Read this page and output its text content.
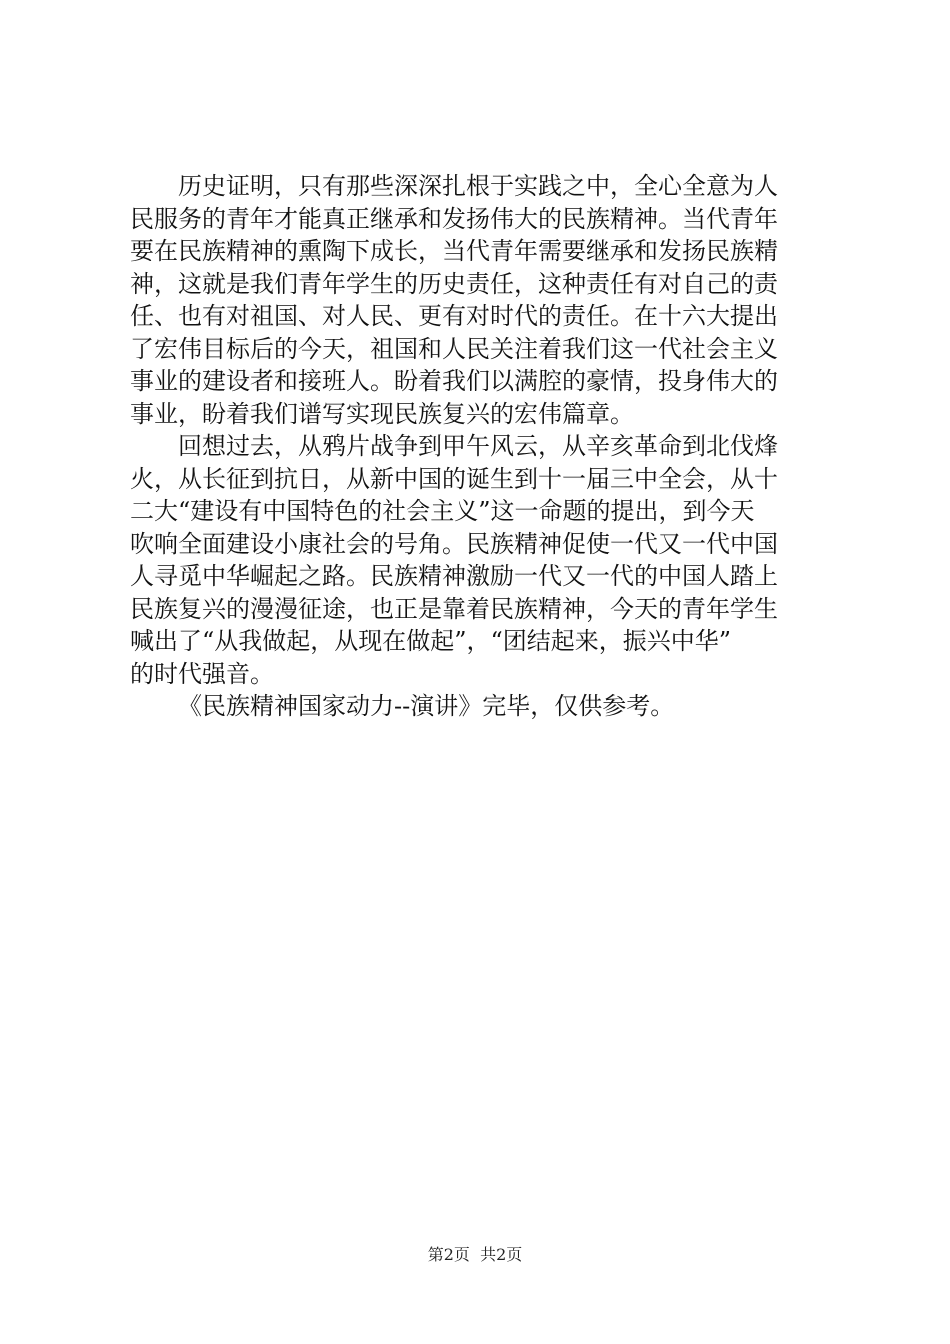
历史证明，只有那些深深扎根于实践之中，全心全意为人
民服务的青年才能真正继承和发扬伟大的民族精神。当代青年
要在民族精神的熏陶下成长，当代青年需要继承和发扬民族精
神，这就是我们青年学生的历史责任，这种责任有对自己的责
任、也有对祖国、对人民、更有对时代的责任。在十六大提出
了宏伟目标后的今天，祖国和人民关注着我们这一代社会主义
事业的建设者和接班人。盼着我们以满腔的豪情，投身伟大的
事业，盼着我们谱写实现民族复兴的宏伟篇章。
回想过去，从鸦片战争到甲午风云，从辛亥革命到北伐烽
火，从长征到抗日，从新中国的诞生到十一届三中全会，从十
二大“建设有中国特色的社会主义”这一命题的提出，到今天
吹响全面建设小康社会的号角。民族精神促使一代又一代中国
人寻觅中华崛起之路。民族精神激励一代又一代的中国人踏上
民族复兴的漫漫征途，也正是靠着民族精神，今天的青年学生
喊出了“从我做起，从现在做起”，“团结起来，振兴中华”
的时代强音。
《民族精神国家动力--演讲》完毕，仅供参考。
第2页  共2页
